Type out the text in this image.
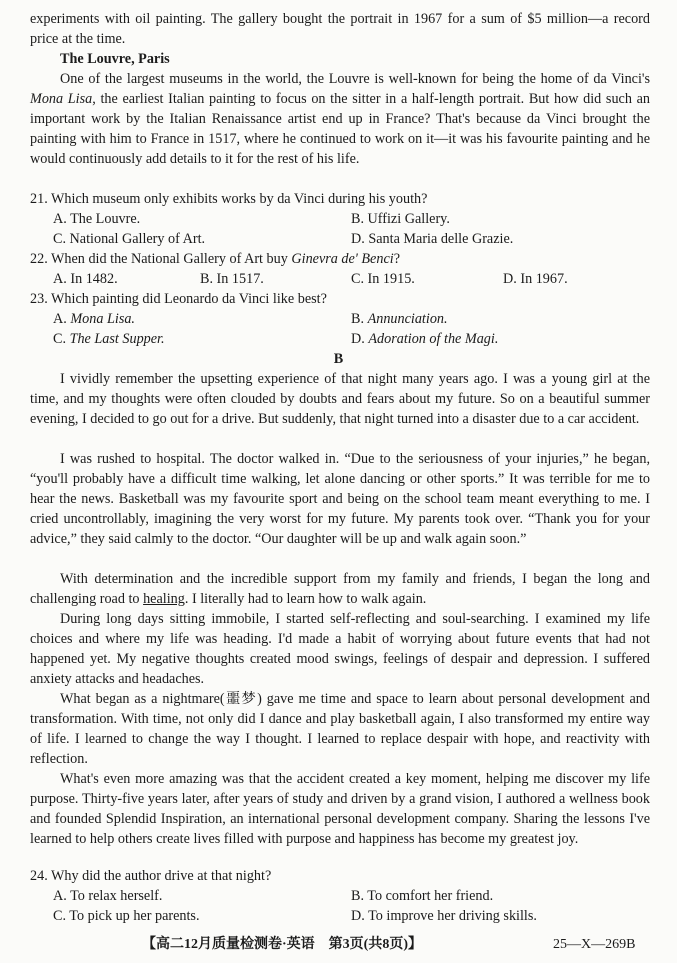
experiments with oil painting. The gallery bought the portrait in 1967 for a sum of $5 million—a record price at the time.
The Louvre, Paris
One of the largest museums in the world, the Louvre is well-known for being the home of da Vinci's Mona Lisa, the earliest Italian painting to focus on the sitter in a half-length portrait. But how did such an important work by the Italian Renaissance artist end up in France? That's because da Vinci brought the painting with him to France in 1517, where he continued to work on it—it was his favourite painting and he would continuously add details to it for the rest of his life.
21. Which museum only exhibits works by da Vinci during his youth?
A. The Louvre.	B. Uffizi Gallery.
C. National Gallery of Art.	D. Santa Maria delle Grazie.
22. When did the National Gallery of Art buy Ginevra de' Benci?
A. In 1482.	B. In 1517.	C. In 1915.	D. In 1967.
23. Which painting did Leonardo da Vinci like best?
A. Mona Lisa.	B. Annunciation.
C. The Last Supper.	D. Adoration of the Magi.
B
I vividly remember the upsetting experience of that night many years ago. I was a young girl at the time, and my thoughts were often clouded by doubts and fears about my future. So on a beautiful summer evening, I decided to go out for a drive. But suddenly, that night turned into a disaster due to a car accident.
I was rushed to hospital. The doctor walked in. “Due to the seriousness of your injuries,” he began, “you'll probably have a difficult time walking, let alone dancing or other sports.” It was terrible for me to hear the news. Basketball was my favourite sport and being on the school team meant everything to me. I cried uncontrollably, imagining the very worst for my future. My parents took over. “Thank you for your advice,” they said calmly to the doctor. “Our daughter will be up and walk again soon.”
With determination and the incredible support from my family and friends, I began the long and challenging road to healing. I literally had to learn how to walk again.
During long days sitting immobile, I started self-reflecting and soul-searching. I examined my life choices and where my life was heading. I'd made a habit of worrying about future events that had not happened yet. My negative thoughts created mood swings, feelings of despair and depression. I suffered anxiety attacks and headaches.
What began as a nightmare(噩梦) gave me time and space to learn about personal development and transformation. With time, not only did I dance and play basketball again, I also transformed my entire way of life. I learned to change the way I thought. I learned to replace despair with hope, and reactivity with reflection.
What's even more amazing was that the accident created a key moment, helping me discover my life purpose. Thirty-five years later, after years of study and driven by a grand vision, I authored a wellness book and founded Splendid Inspiration, an international personal development company. Sharing the lessons I've learned to help others create lives filled with purpose and happiness has become my greatest joy.
24. Why did the author drive at that night?
A. To relax herself.	B. To comfort her friend.
C. To pick up her parents.	D. To improve her driving skills.
【高二12月质量检测卷·英语　第3页(共8页)】	25—X—269B
